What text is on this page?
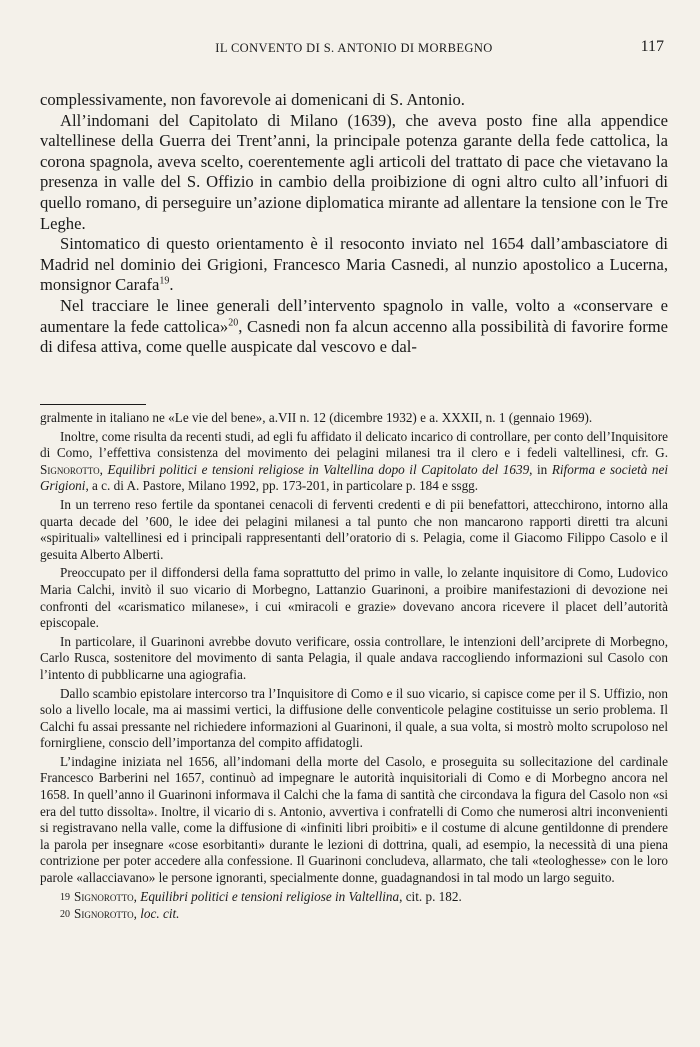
IL CONVENTO DI S. ANTONIO DI MORBEGNO	117

complessivamente, non favorevole ai domenicani di S. Antonio.

All’indomani del Capitolato di Milano (1639), che aveva posto fine alla appendice valtellinese della Guerra dei Trent’anni, la principale potenza garante della fede cattolica, la corona spagnola, aveva scelto, coerentemente agli articoli del trattato di pace che vietavano la presenza in valle del S. Offizio in cambio della proibizione di ogni altro culto all’infuori di quello romano, di perseguire un’azione diplomatica mirante ad allentare la tensione con le Tre Leghe.

Sintomatico di questo orientamento è il resoconto inviato nel 1654 dall’ambasciatore di Madrid nel dominio dei Grigioni, Francesco Maria Casnedi, al nunzio apostolico a Lucerna, monsignor Carafa$^{19}$.

Nel tracciare le linee generali dell’intervento spagnolo in valle, volto a «conservare e aumentare la fede cattolica»$^{20}$, Casnedi non fa alcun accenno alla possibilità di favorire forme di difesa attiva, come quelle auspicate dal vescovo e dal-

gralmente in italiano ne «Le vie del bene», a.VII n. 12 (dicembre 1932) e a. XXXII, n. 1 (gennaio 1969).

Inoltre, come risulta da recenti studi, ad egli fu affidato il delicato incarico di controllare, per conto dell’Inquisitore di Como, l’effettiva consistenza del movimento dei pelagini milanesi tra il clero e i fedeli valtellinesi, cfr. G. Signorotto, Equilibri politici e tensioni religiose in Valtellina dopo il Capitolato del 1639, in Riforma e società nei Grigioni, a c. di A. Pastore, Milano 1992, pp. 173-201, in particolare p. 184 e ssgg.

In un terreno reso fertile da spontanei cenacoli di ferventi credenti e di pii benefattori, attecchirono, intorno alla quarta decade del ’600, le idee dei pelagini milanesi a tal punto che non mancarono rapporti diretti tra alcuni «spirituali» valtellinesi ed i principali rappresentanti dell’oratorio di s. Pelagia, come il Giacomo Filippo Casolo e il gesuita Alberto Alberti.

Preoccupato per il diffondersi della fama soprattutto del primo in valle, lo zelante inquisitore di Como, Ludovico Maria Calchi, invitò il suo vicario di Morbegno, Lattanzio Guarinoni, a proibire manifestazioni di devozione nei confronti del «carismatico milanese», i cui «miracoli e grazie» dovevano ancora ricevere il placet dell’autorità episcopale.

In particolare, il Guarinoni avrebbe dovuto verificare, ossia controllare, le intenzioni dell’arciprete di Morbegno, Carlo Rusca, sostenitore del movimento di santa Pelagia, il quale andava raccogliendo informazioni sul Casolo con l’intento di pubblicarne una agiografia.

Dallo scambio epistolare intercorso tra l’Inquisitore di Como e il suo vicario, si capisce come per il S. Uffizio, non solo a livello locale, ma ai massimi vertici, la diffusione delle conventicole pelagine costituisse un serio problema. Il Calchi fu assai pressante nel richiedere informazioni al Guarinoni, il quale, a sua volta, si mostrò molto scrupoloso nel fornirgliene, conscio dell’importanza del compito affidatogli.

L’indagine iniziata nel 1656, all’indomani della morte del Casolo, e proseguita su sollecitazione del cardinale Francesco Barberini nel 1657, continuò ad impegnare le autorità inquisitoriali di Como e di Morbegno ancora nel 1658. In quell’anno il Guarinoni informava il Calchi che la fama di santità che circondava la figura del Casolo non «si era del tutto dissolta». Inoltre, il vicario di s. Antonio, avvertiva i confratelli di Como che numerosi altri inconvenienti si registravano nella valle, come la diffusione di «infiniti libri proibiti» e il costume di alcune gentildonne di prendere la parola per insegnare «cose esorbitanti» durante le lezioni di dottrina, quali, ad esempio, la necessità di una piena contrizione per poter accedere alla confessione. Il Guarinoni concludeva, allarmato, che tali «teologhesse» con le loro parole «allacciavano» le persone ignoranti, specialmente donne, guadagnandosi in tal modo un largo seguito.

19 Signorotto, Equilibri politici e tensioni religiose in Valtellina, cit. p. 182.
20 Signorotto, loc. cit.
